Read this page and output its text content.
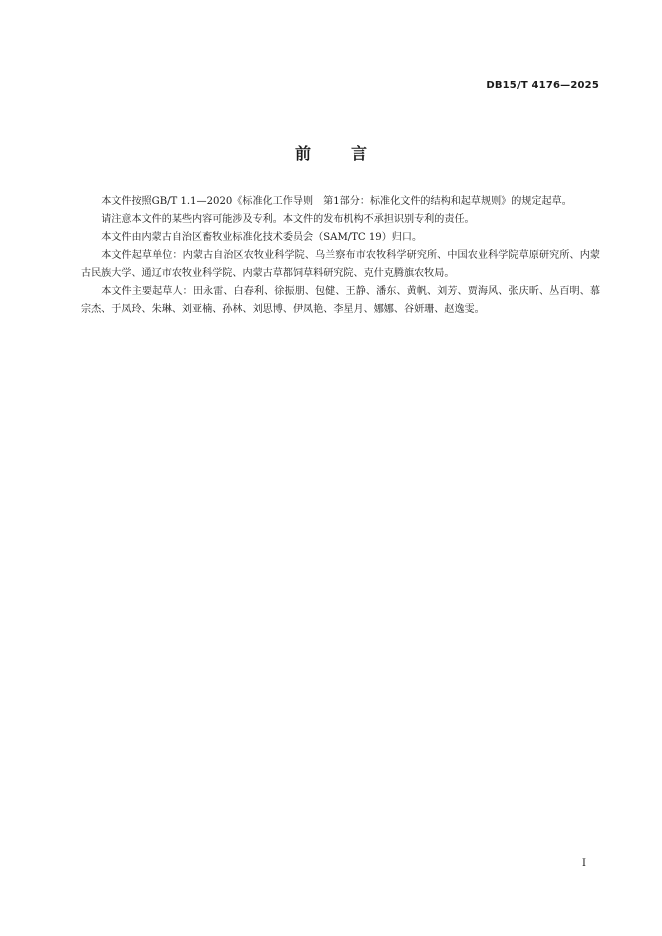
DB15/T 4176—2025
前	言

本文件按照GB/T 1.1—2020《标准化工作导则　第1部分：标准化文件的结构和起草规则》的规定起草。

请注意本文件的某些内容可能涉及专利。本文件的发布机构不承担识别专利的责任。

本文件由内蒙古自治区畜牧业标准化技术委员会（SAM/TC 19）归口。

本文件起草单位：内蒙古自治区农牧业科学院、乌兰察布市农牧科学研究所、中国农业科学院草原研究所、内蒙古民族大学、通辽市农牧业科学院、内蒙古草都饲草料研究院、克什克腾旗农牧局。

本文件主要起草人：田永雷、白春利、徐振朋、包健、王静、潘东、黄帆、刘芳、贾海风、张庆昕、丛百明、慕宗杰、于凤玲、朱琳、刘亚楠、孙林、刘思博、伊凤艳、李星月、娜娜、谷妍珊、赵逸雯。

I
